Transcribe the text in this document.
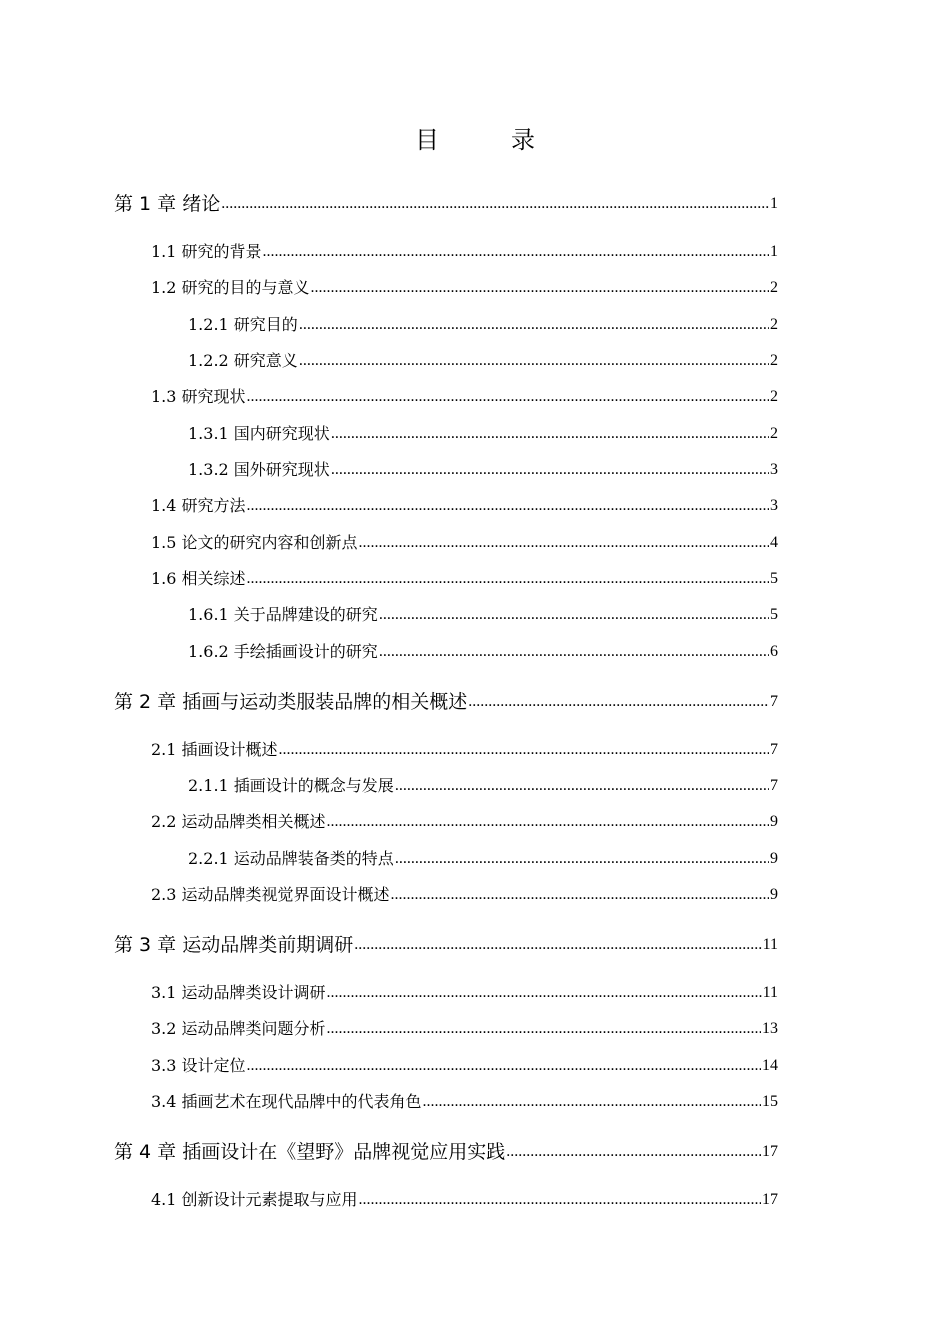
目　录
第 1 章 绪论 .....	1
1.1 研究的背景 .....	1
1.2 研究的目的与意义 .....	2
1.2.1 研究目的 .....	2
1.2.2 研究意义 .....	2
1.3 研究现状 .....	2
1.3.1 国内研究现状 .....	2
1.3.2 国外研究现状 .....	3
1.4 研究方法 .....	3
1.5 论文的研究内容和创新点 .....	4
1.6 相关综述 .....	5
1.6.1 关于品牌建设的研究 .....	5
1.6.2 手绘插画设计的研究 .....	6
第 2 章 插画与运动类服装品牌的相关概述 .....	7
2.1 插画设计概述 .....	7
2.1.1 插画设计的概念与发展 .....	7
2.2 运动品牌类相关概述 .....	9
2.2.1 运动品牌装备类的特点 .....	9
2.3 运动品牌类视觉界面设计概述 .....	9
第 3 章 运动品牌类前期调研 .....	11
3.1 运动品牌类设计调研 .....	11
3.2 运动品牌类问题分析 .....	13
3.3 设计定位 .....	14
3.4 插画艺术在现代品牌中的代表角色 .....	15
第 4 章 插画设计在《望野》品牌视觉应用实践 .....	17
4.1 创新设计元素提取与应用 .....	17
